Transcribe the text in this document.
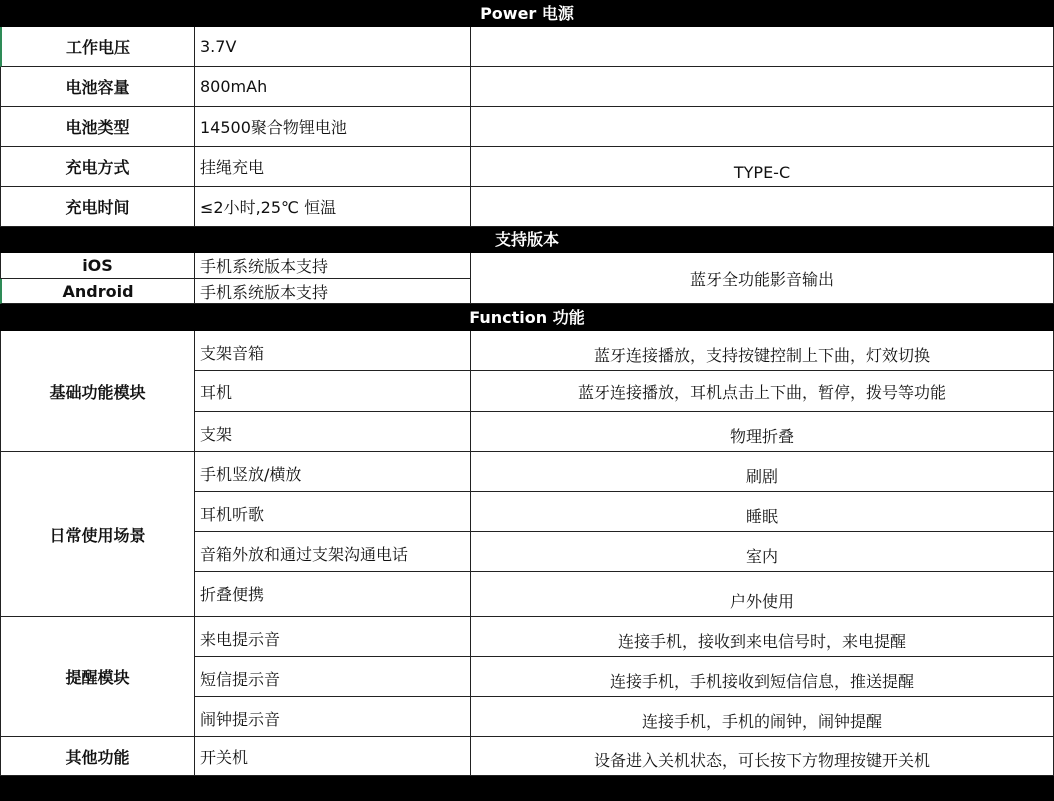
Power 电源
工作电压	3.7V
电池容量	800mAh
电池类型	14500聚合物锂电池
充电方式	挂绳充电	TYPE-C
充电时间	≤2小时,25℃ 恒温
支持版本
iOS	手机系统版本支持
Android	手机系统版本支持
蓝牙全功能影音输出
Function 功能
基础功能模块
支架音箱	蓝牙连接播放，支持按键控制上下曲，灯效切换
耳机	蓝牙连接播放，耳机点击上下曲，暂停，拨号等功能
支架	物理折叠
日常使用场景
手机竖放/横放	刷剧
耳机听歌	睡眠
音箱外放和通过支架沟通电话	室内
折叠便携	户外使用
提醒模块
来电提示音	连接手机，接收到来电信号时，来电提醒
短信提示音	连接手机，手机接收到短信信息，推送提醒
闹钟提示音	连接手机，手机的闹钟，闹钟提醒
其他功能	开关机	设备进入关机状态，可长按下方物理按键开关机
